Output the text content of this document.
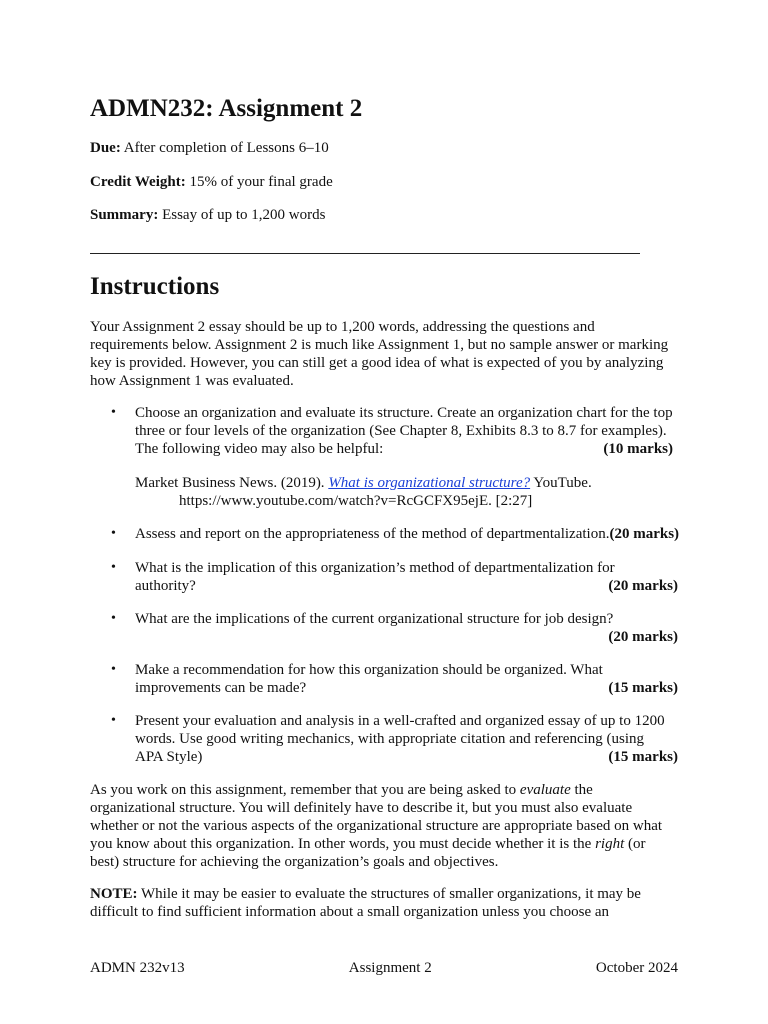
ADMN232: Assignment 2
Due: After completion of Lessons 6–10
Credit Weight: 15% of your final grade
Summary: Essay of up to 1,200 words
Instructions
Your Assignment 2 essay should be up to 1,200 words, addressing the questions and
requirements below. Assignment 2 is much like Assignment 1, but no sample answer or marking
key is provided. However, you can still get a good idea of what is expected of you by analyzing
how Assignment 1 was evaluated.
• Choose an organization and evaluate its structure. Create an organization chart for the top
three or four levels of the organization (See Chapter 8, Exhibits 8.3 to 8.7 for examples).
The following video may also be helpful:	(10 marks)
Market Business News. (2019). What is organizational structure? YouTube.
https://www.youtube.com/watch?v=RcGCFX95ejE. [2:27]
• Assess and report on the appropriateness of the method of departmentalization. (20 marks)
• What is the implication of this organization’s method of departmentalization for
authority?	(20 marks)
• What are the implications of the current organizational structure for job design?
(20 marks)
• Make a recommendation for how this organization should be organized. What
improvements can be made?	(15 marks)
• Present your evaluation and analysis in a well-crafted and organized essay of up to 1200
words. Use good writing mechanics, with appropriate citation and referencing (using
APA Style)	(15 marks)
As you work on this assignment, remember that you are being asked to evaluate the
organizational structure. You will definitely have to describe it, but you must also evaluate
whether or not the various aspects of the organizational structure are appropriate based on what
you know about this organization. In other words, you must decide whether it is the right (or
best) structure for achieving the organization’s goals and objectives.
NOTE: While it may be easier to evaluate the structures of smaller organizations, it may be
difficult to find sufficient information about a small organization unless you choose an
ADMN 232v13	Assignment 2	October 2024
